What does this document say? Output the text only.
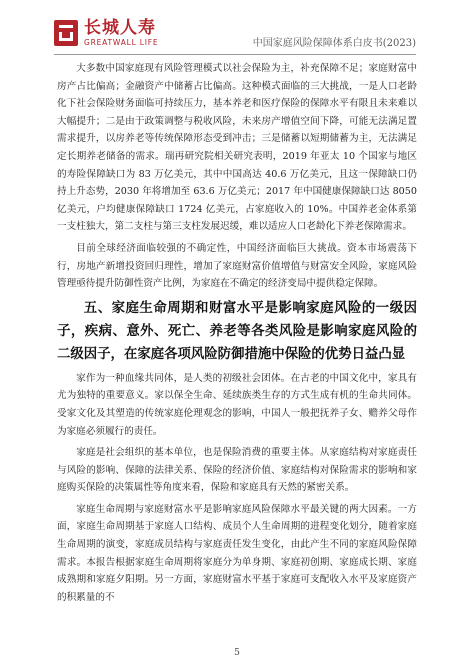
长城人寿
GREATWALL LIFE	中国家庭风险保障体系白皮书(2023)

大多数中国家庭现有风险管理模式以社会保险为主，补充保障不足；家庭财富中房产占比偏高；金融资产中储蓄占比偏高。这种模式面临的三大挑战，一是人口老龄化下社会保险财务面临可持续压力，基本养老和医疗保险的保障水平有限且未来难以大幅提升；二是由于政策调整与税收风险，未来房产增值空间下降，可能无法满足置需求提升，以房养老等传统保障形态受到冲击；三是储蓄以短期储蓄为主，无法满足定长期养老储备的需求。瑞再研究院相关研究表明，2019 年亚太 10 个国家与地区的寿险保障缺口为 83 万亿美元，其中中国高达 40.6 万亿美元，且这一保障缺口仍持上升态势，2030 年将增加至 63.6 万亿美元；2017 年中国健康保障缺口达 8050 亿美元，户均健康保障缺口 1724 亿美元，占家庭收入的 10%。中国养老金体系第一支柱独大，第二支柱与第三支柱发展迟缓，难以适应人口老龄化下养老保障需求。

目前全球经济面临较强的不确定性，中国经济面临巨大挑战。资本市场震荡下行，房地产新增投资回归理性，增加了家庭财富价值增值与财富安全风险，家庭风险管理亟待提升防御性资产比例，为家庭在不确定的经济变局中提供稳定保障。

五、家庭生命周期和财富水平是影响家庭风险的一级因子，疾病、意外、死亡、养老等各类风险是影响家庭风险的二级因子，在家庭各项风险防御措施中保险的优势日益凸显

家作为一种血缘共同体，是人类的初级社会团体。在古老的中国文化中，家具有尤为独特的重要意义。家以保全生命、延续族类生存的方式生成有机的生命共同体。受家文化及其塑造的传统家庭伦理观念的影响，中国人一般把抚养子女、赡养父母作为家庭必须履行的责任。

家庭是社会组织的基本单位，也是保险消费的重要主体。从家庭结构对家庭责任与风险的影响、保障的法律关系、保险的经济价值、家庭结构对保险需求的影响和家庭购买保险的决策属性等角度来看，保险和家庭具有天然的紧密关系。

家庭生命周期与家庭财富水平是影响家庭风险保障水平最关键的两大因素。一方面，家庭生命周期基于家庭人口结构、成员个人生命周期的进程变化划分，随着家庭生命周期的演变，家庭成员结构与家庭责任发生变化，由此产生不同的家庭风险保障需求。本报告根据家庭生命周期将家庭分为单身期、家庭初创期、家庭成长期、家庭成熟期和家庭夕阳期。另一方面，家庭财富水平基于家庭可支配收入水平及家庭资产的积累量的不

5
